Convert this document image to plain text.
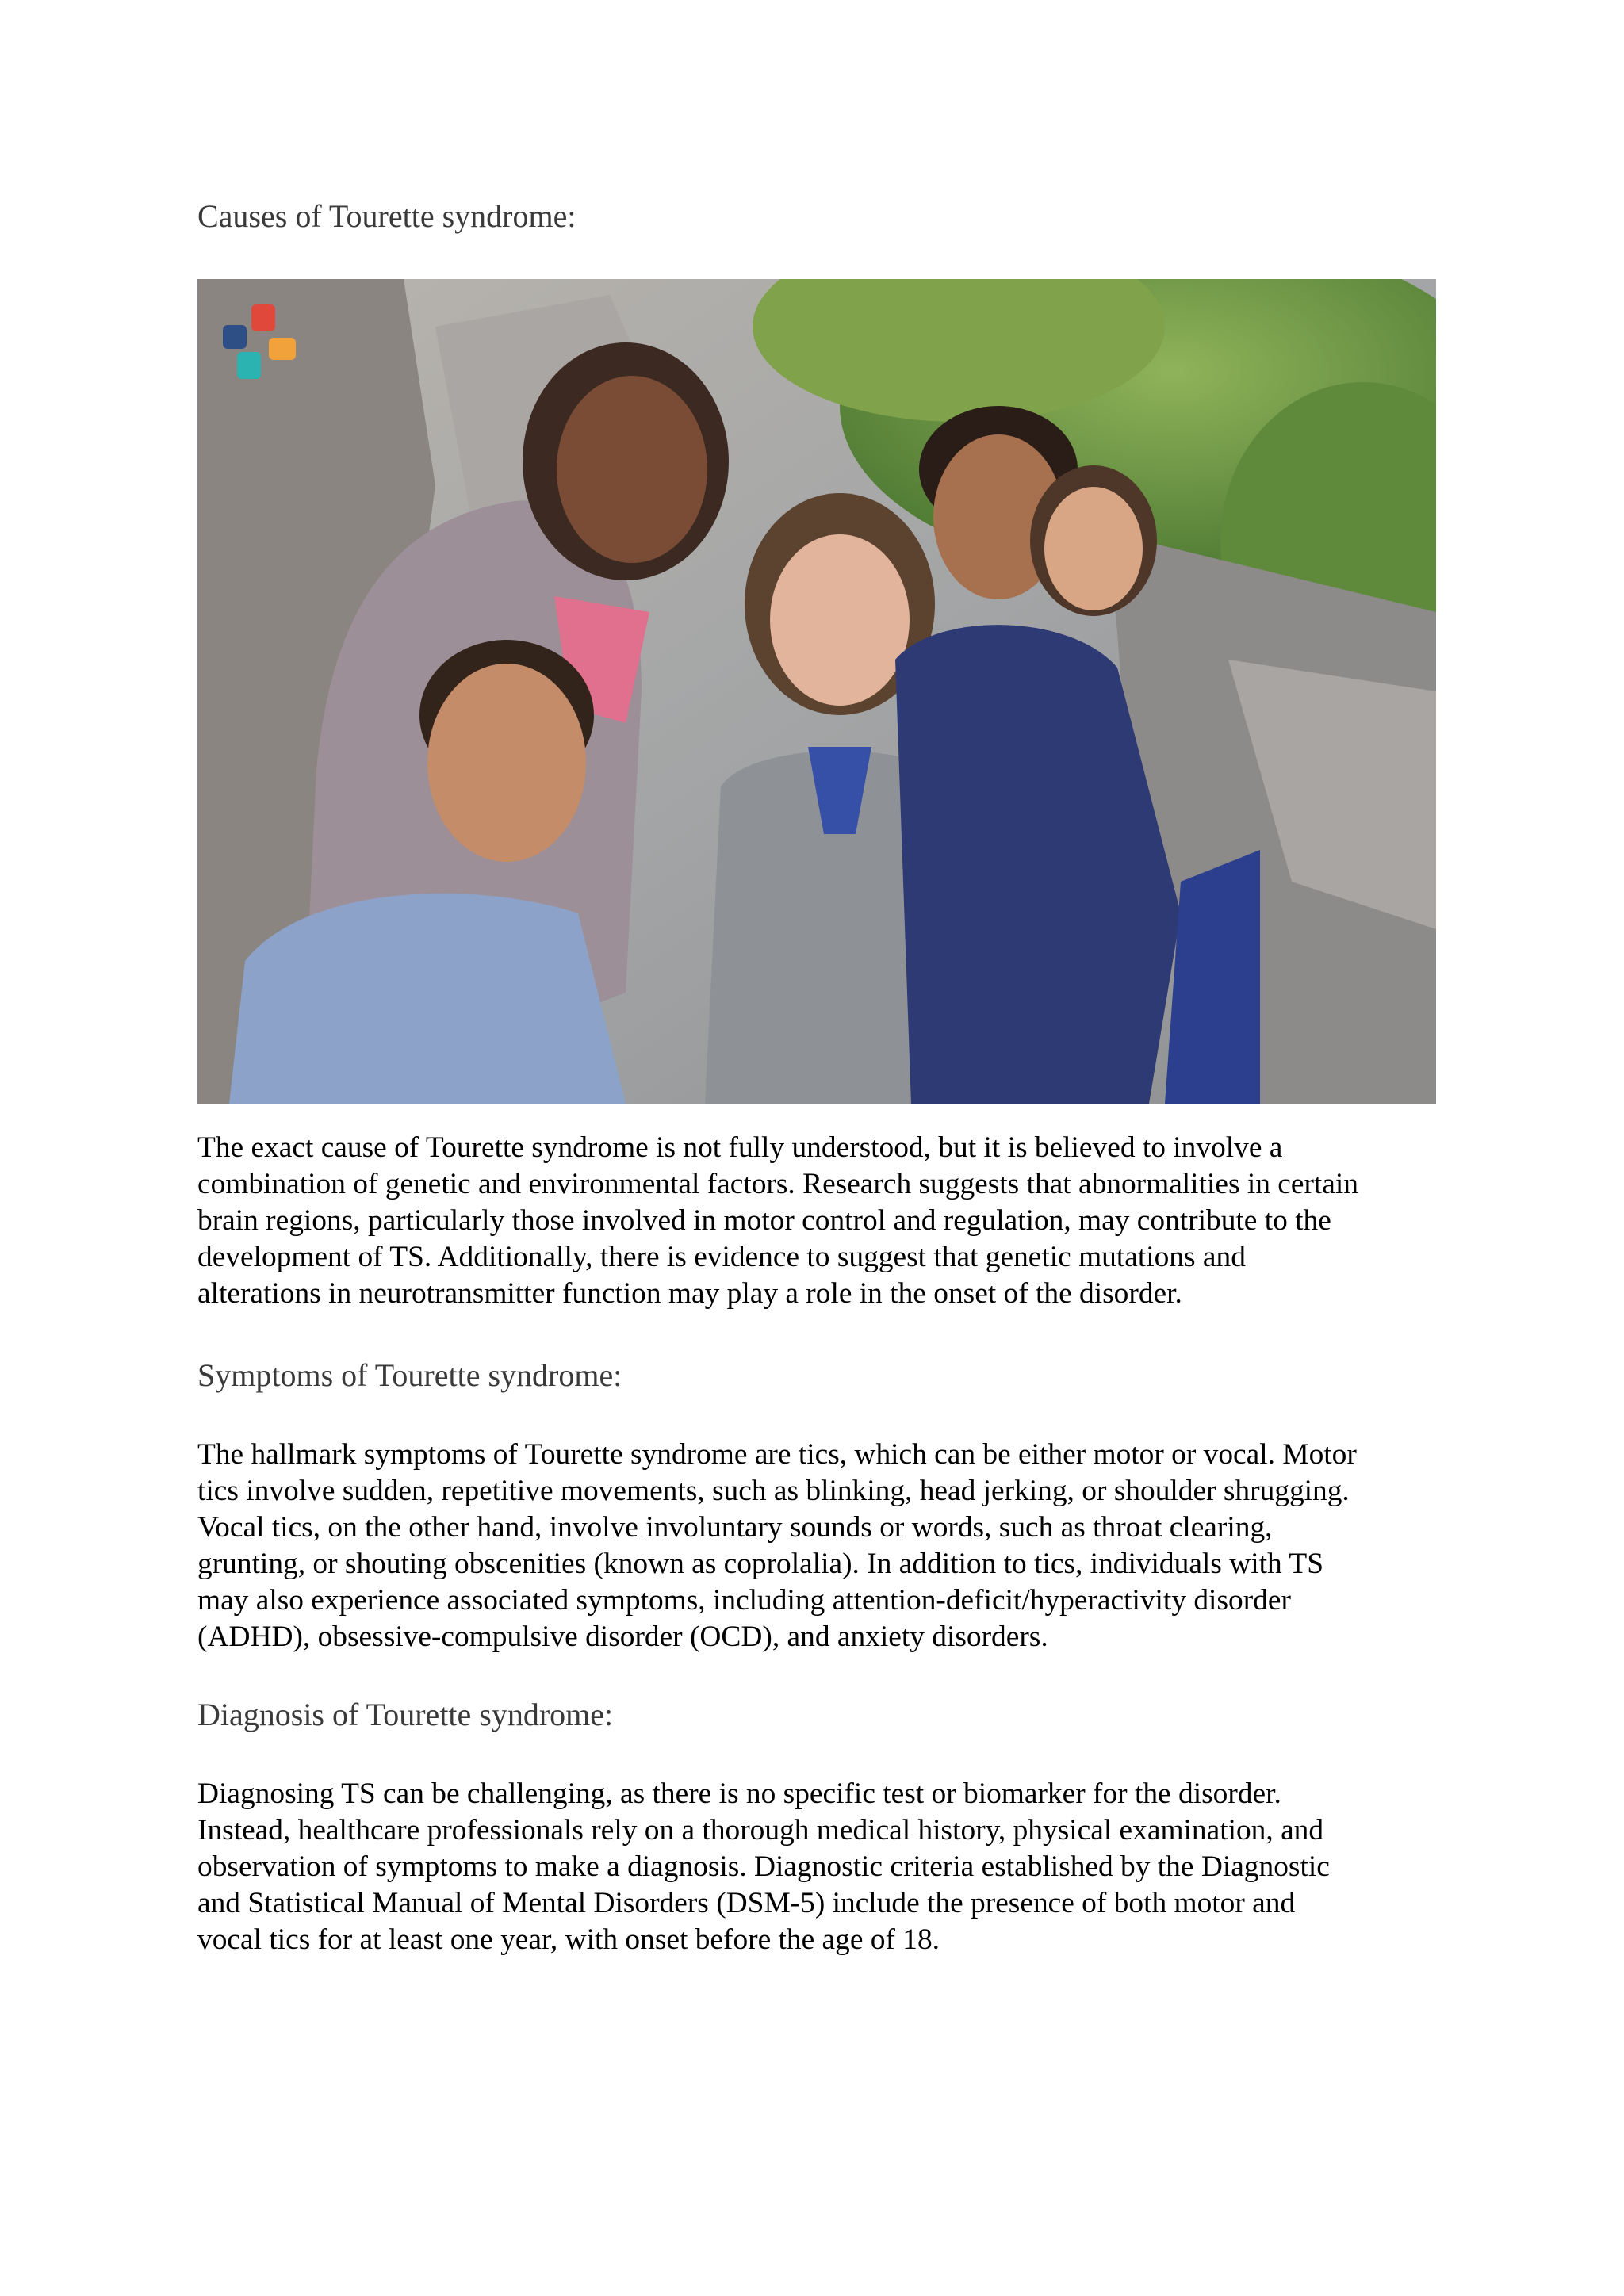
Causes of Tourette syndrome:

The exact cause of Tourette syndrome is not fully understood, but it is believed to involve a
combination of genetic and environmental factors. Research suggests that abnormalities in certain
brain regions, particularly those involved in motor control and regulation, may contribute to the
development of TS. Additionally, there is evidence to suggest that genetic mutations and
alterations in neurotransmitter function may play a role in the onset of the disorder.

Symptoms of Tourette syndrome:

The hallmark symptoms of Tourette syndrome are tics, which can be either motor or vocal. Motor
tics involve sudden, repetitive movements, such as blinking, head jerking, or shoulder shrugging.
Vocal tics, on the other hand, involve involuntary sounds or words, such as throat clearing,
grunting, or shouting obscenities (known as coprolalia). In addition to tics, individuals with TS
may also experience associated symptoms, including attention-deficit/hyperactivity disorder
(ADHD), obsessive-compulsive disorder (OCD), and anxiety disorders.

Diagnosis of Tourette syndrome:

Diagnosing TS can be challenging, as there is no specific test or biomarker for the disorder.
Instead, healthcare professionals rely on a thorough medical history, physical examination, and
observation of symptoms to make a diagnosis. Diagnostic criteria established by the Diagnostic
and Statistical Manual of Mental Disorders (DSM-5) include the presence of both motor and
vocal tics for at least one year, with onset before the age of 18.
